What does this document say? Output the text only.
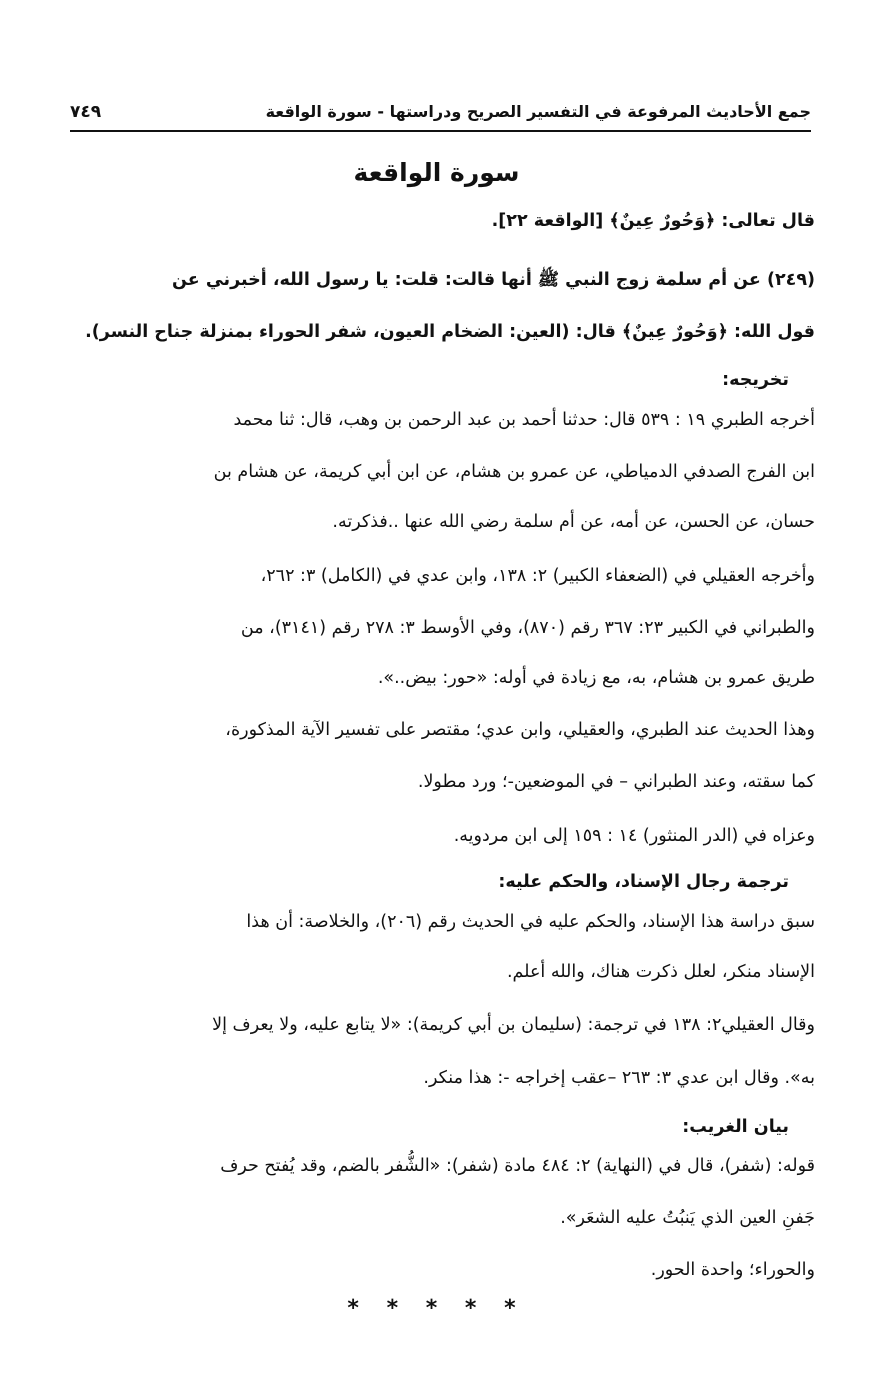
جمع الأحاديث المرفوعة في التفسير الصريح ودراستها - سورة الواقعة
٧٤٩
سورة الواقعة
قال تعالى: ﴿وَحُورٌ عِينٌ﴾ [الواقعة ٢٢].
(٢٤٩) عن أم سلمة زوج النبي ﷺ أنها قالت: قلت: يا رسول الله، أخبرني عن
قول الله: ﴿وَحُورٌ عِينٌ﴾ قال: (العين: الضخام العيون، شفر الحوراء بمنزلة جناح النسر).
تخريجه:
أخرجه الطبري ١٩ : ٥٣٩ قال: حدثنا أحمد بن عبد الرحمن بن وهب، قال: ثنا محمد
ابن الفرج الصدفي الدمياطي، عن عمرو بن هشام، عن ابن أبي كريمة، عن هشام بن
حسان، عن الحسن، عن أمه، عن أم سلمة رضي الله عنها ..فذكرته.
وأخرجه العقيلي في (الضعفاء الكبير) ٢: ١٣٨، وابن عدي في (الكامل) ٣: ٢٦٢،
والطبراني في الكبير ٢٣: ٣٦٧ رقم (٨٧٠)، وفي الأوسط ٣: ٢٧٨ رقم (٣١٤١)، من
طريق عمرو بن هشام، به، مع زيادة في أوله: «حور: بيض..».
وهذا الحديث عند الطبري، والعقيلي، وابن عدي؛ مقتصر على تفسير الآية المذكورة،
كما سقته، وعند الطبراني – في الموضعين-؛ ورد مطولا.
وعزاه في (الدر المنثور) ١٤ : ١٥٩ إلى ابن مردويه.
ترجمة رجال الإسناد، والحكم عليه:
سبق دراسة هذا الإسناد، والحكم عليه في الحديث رقم (٢٠٦)، والخلاصة: أن هذا
الإسناد منكر، لعلل ذكرت هناك، والله أعلم.
وقال العقيلي٢: ١٣٨ في ترجمة: (سليمان بن أبي كريمة): «لا يتابع عليه، ولا يعرف إلا
به». وقال ابن عدي ٣: ٢٦٣ –عقب إخراجه -: هذا منكر.
بيان الغريب:
قوله: (شفر)، قال في (النهاية) ٢: ٤٨٤ مادة (شفر): «الشُّفر بالضم، وقد يُفتح حرف
جَفنِ العين الذي يَنبُتُ عليه الشعَر».
والحوراء؛ واحدة الحور.
* * * * *
